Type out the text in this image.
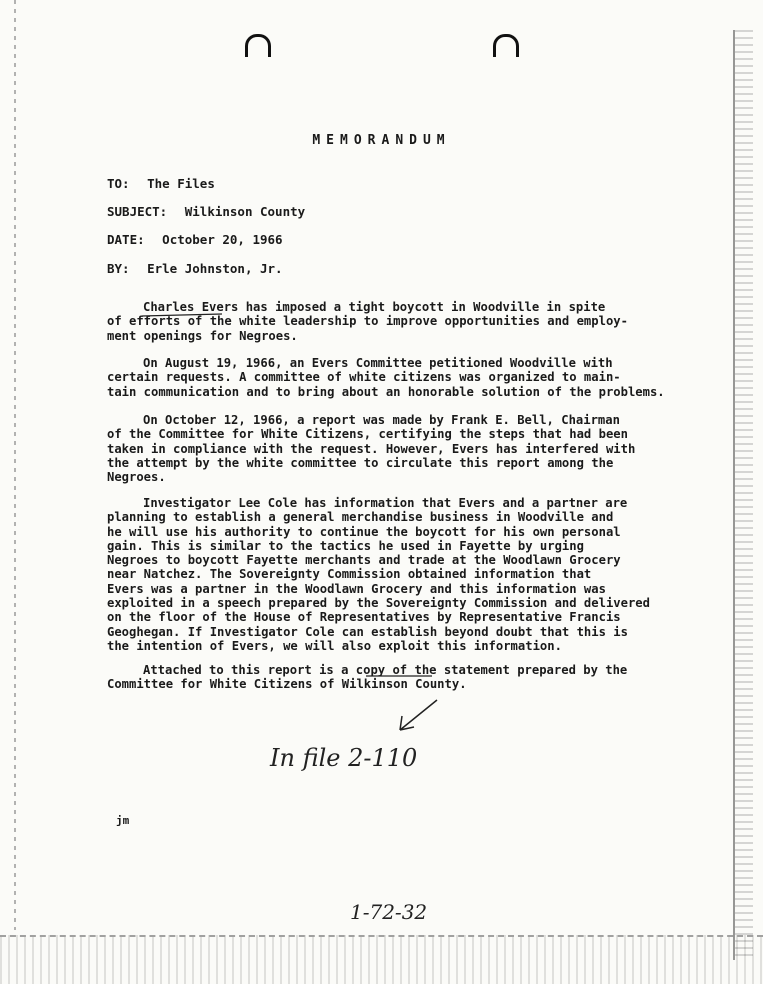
MEMORANDUM
TO: The Files
SUBJECT: Wilkinson County
DATE: October 20, 1966
BY: Erle Johnston, Jr.
Charles Evers has imposed a tight boycott in Woodville in spite
of efforts of the white leadership to improve opportunities and employ-
ment openings for Negroes.
On August 19, 1966, an Evers Committee petitioned Woodville with
certain requests. A committee of white citizens was organized to main-
tain communication and to bring about an honorable solution of the problems.
On October 12, 1966, a report was made by Frank E. Bell, Chairman
of the Committee for White Citizens, certifying the steps that had been
taken in compliance with the request. However, Evers has interfered with
the attempt by the white committee to circulate this report among the
Negroes.
Investigator Lee Cole has information that Evers and a partner are
planning to establish a general merchandise business in Woodville and
he will use his authority to continue the boycott for his own personal
gain. This is similar to the tactics he used in Fayette by urging
Negroes to boycott Fayette merchants and trade at the Woodlawn Grocery
near Natchez. The Sovereignty Commission obtained information that
Evers was a partner in the Woodlawn Grocery and this information was
exploited in a speech prepared by the Sovereignty Commission and delivered
on the floor of the House of Representatives by Representative Francis
Geoghegan. If Investigator Cole can establish beyond doubt that this is
the intention of Evers, we will also exploit this information.
Attached to this report is a copy of the statement prepared by the
Committee for White Citizens of Wilkinson County.
In file 2-110
1-72-32
jm
